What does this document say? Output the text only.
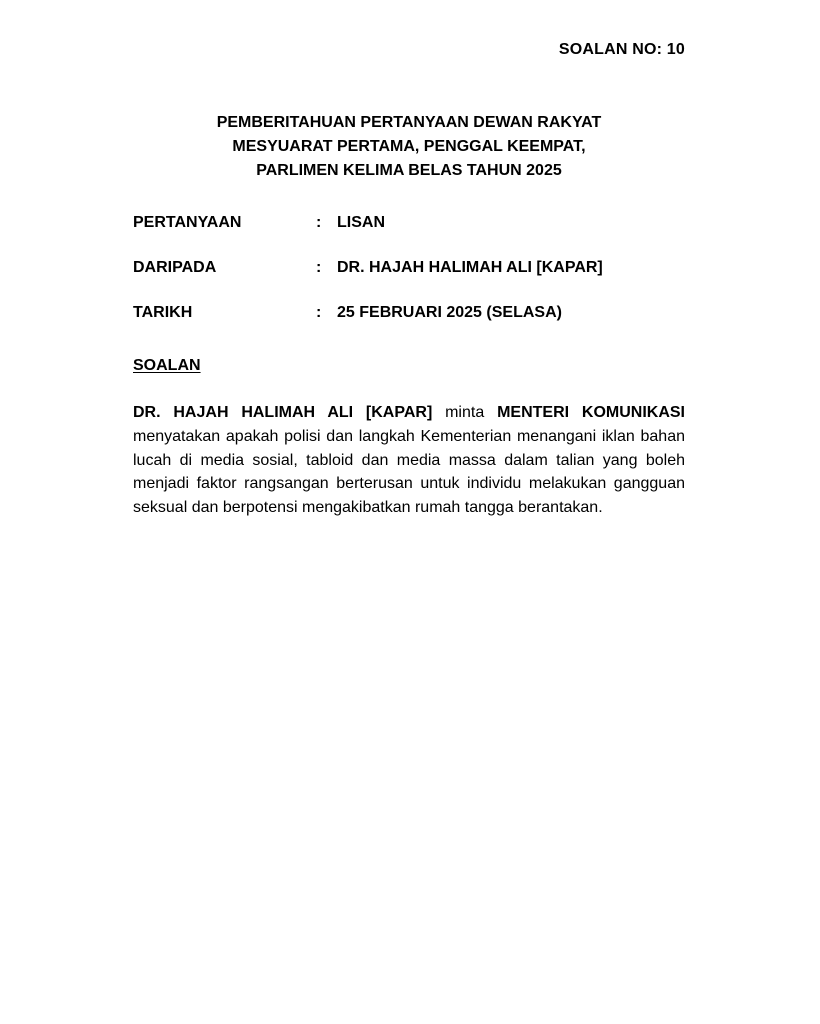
SOALAN NO: 10
PEMBERITAHUAN PERTANYAAN DEWAN RAKYAT
MESYUARAT PERTAMA, PENGGAL KEEMPAT,
PARLIMEN KELIMA BELAS TAHUN 2025
PERTANYAAN	: LISAN
DARIPADA	: DR. HAJAH HALIMAH ALI [KAPAR]
TARIKH	: 25 FEBRUARI 2025 (SELASA)
SOALAN
DR. HAJAH HALIMAH ALI [KAPAR] minta MENTERI KOMUNIKASI menyatakan apakah polisi dan langkah Kementerian menangani iklan bahan lucah di media sosial, tabloid dan media massa dalam talian yang boleh menjadi faktor rangsangan berterusan untuk individu melakukan gangguan seksual dan berpotensi mengakibatkan rumah tangga berantakan.
